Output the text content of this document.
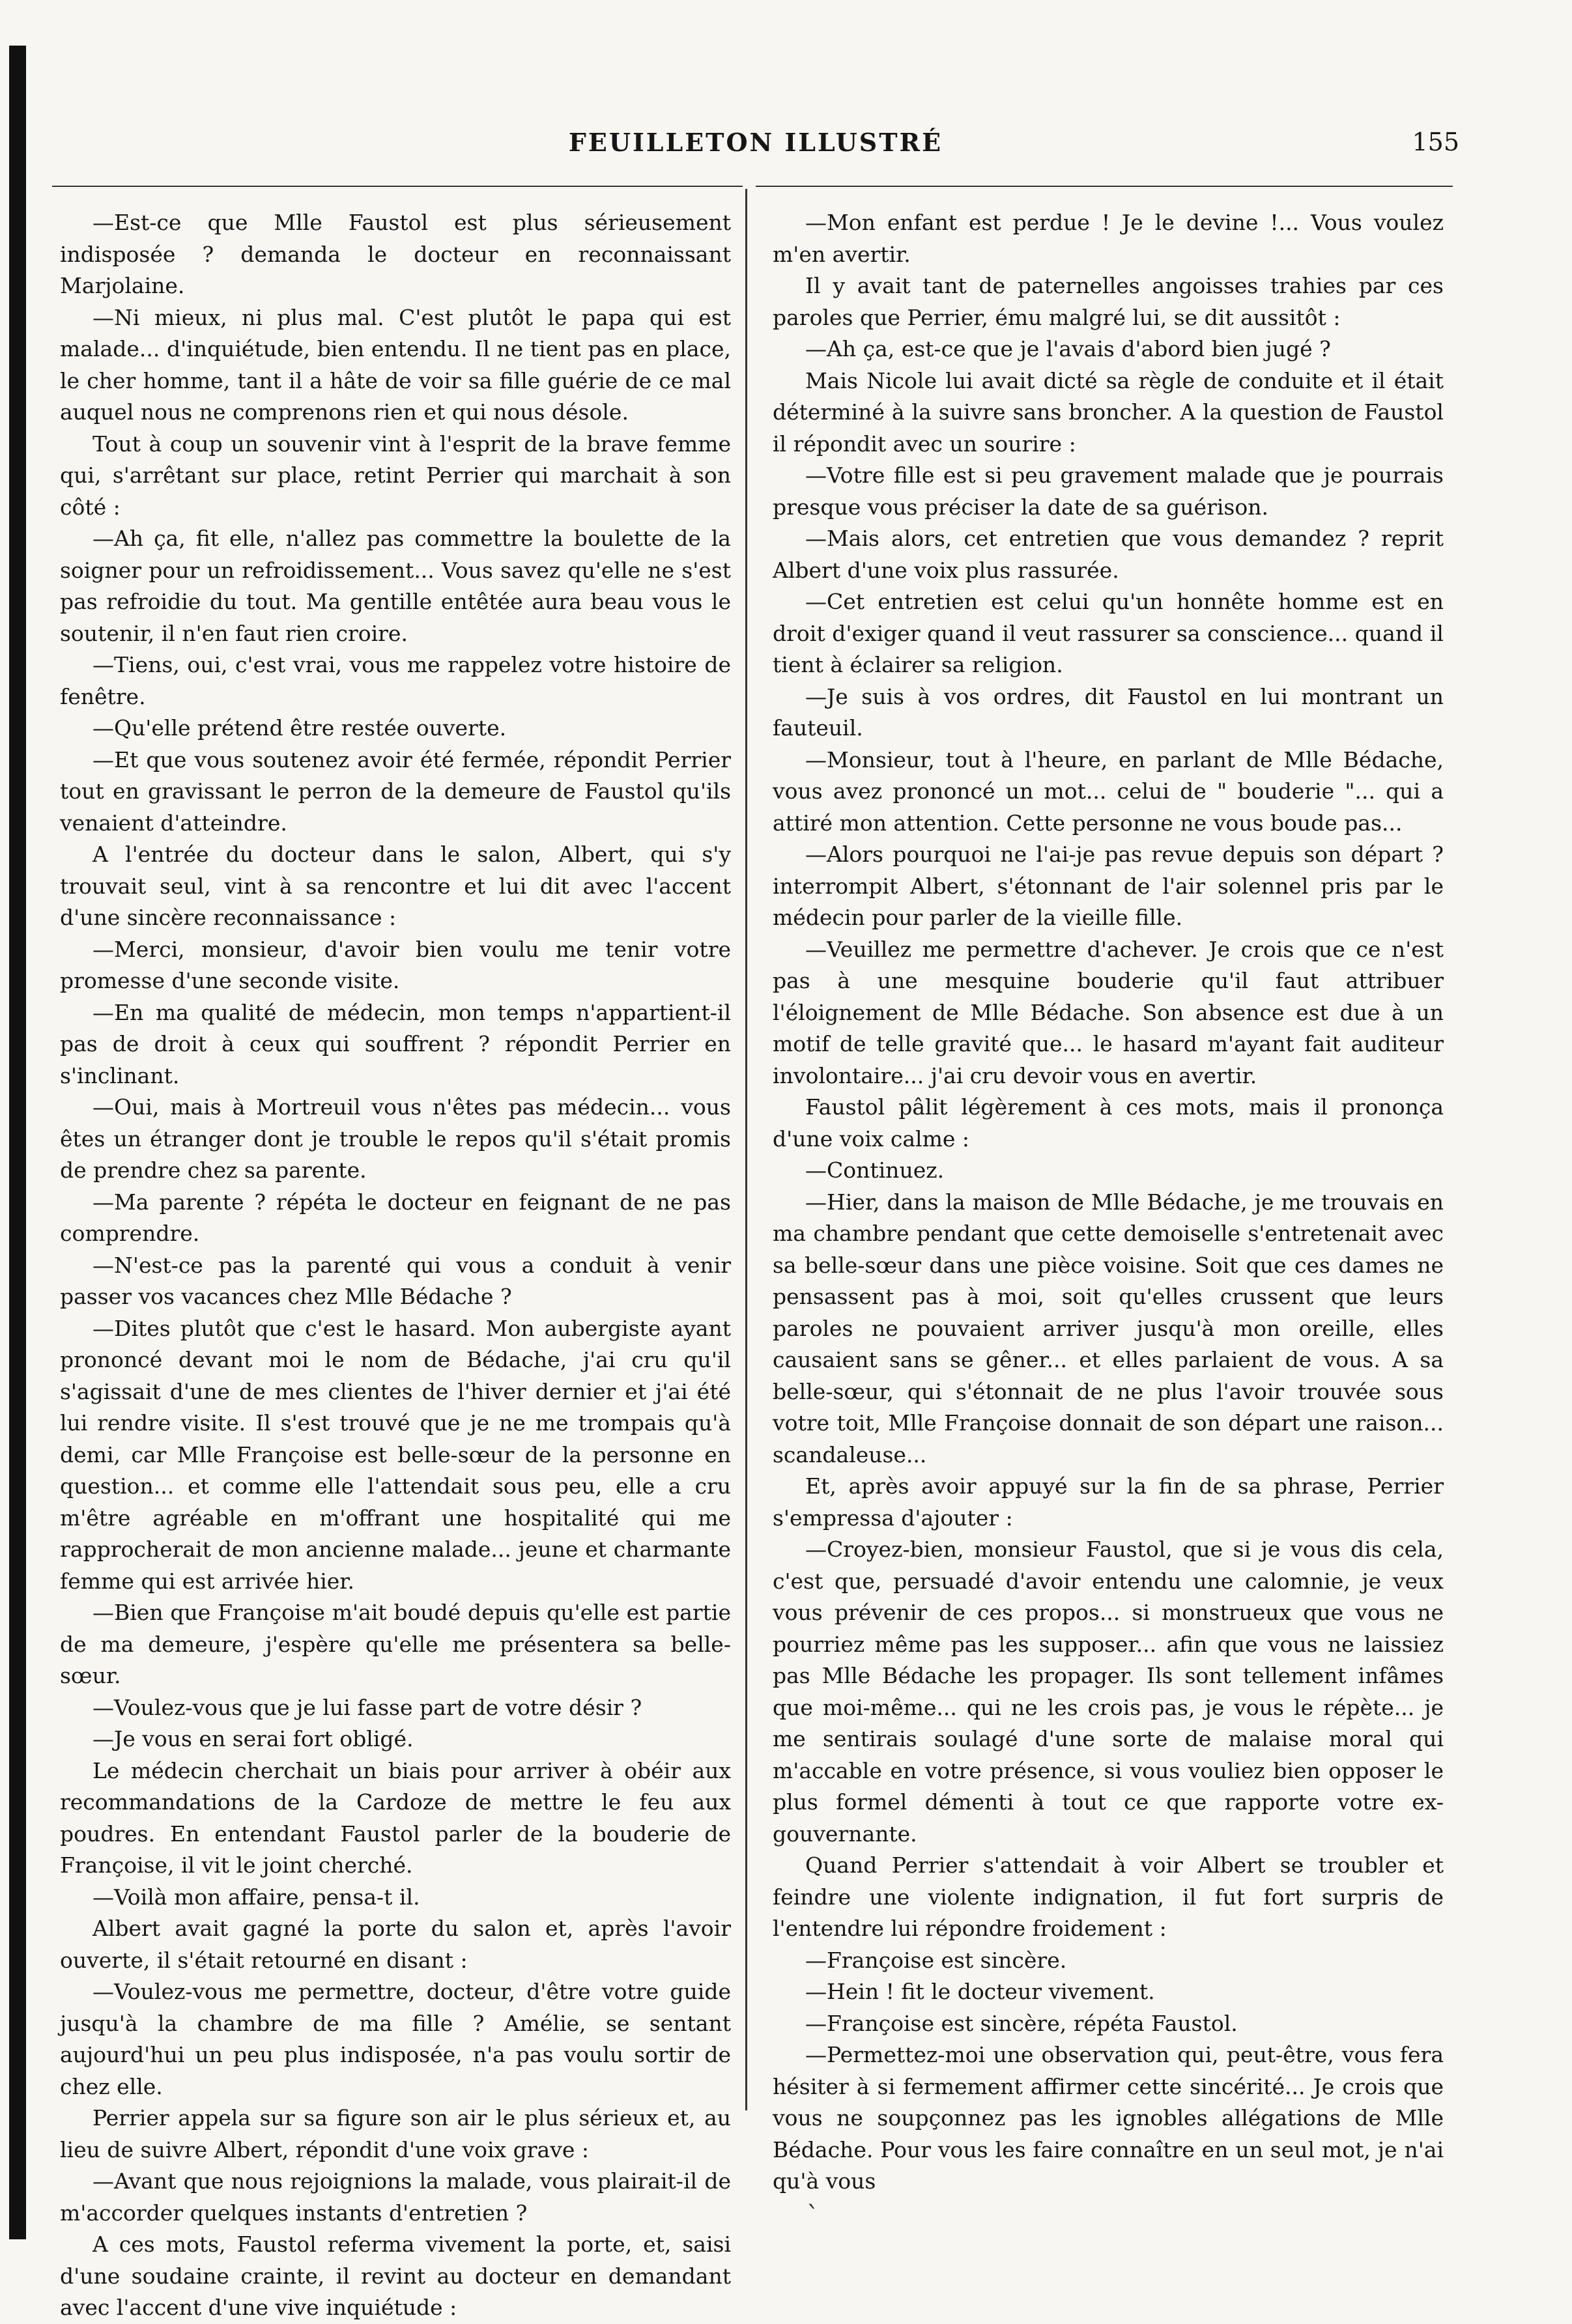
FEUILLETON ILLUSTRÉ	155

—Est-ce que Mlle Faustol est plus sérieusement indisposée ? demanda le docteur en reconnaissant Marjolaine.

—Ni mieux, ni plus mal. C'est plutôt le papa qui est malade... d'inquiétude, bien entendu. Il ne tient pas en place, le cher homme, tant il a hâte de voir sa fille guérie de ce mal auquel nous ne comprenons rien et qui nous désole.

Tout à coup un souvenir vint à l'esprit de la brave femme qui, s'arrêtant sur place, retint Perrier qui marchait à son côté :

—Ah ça, fit elle, n'allez pas commettre la boulette de la soigner pour un refroidissement... Vous savez qu'elle ne s'est pas refroidie du tout. Ma gentille entêtée aura beau vous le soutenir, il n'en faut rien croire.

—Tiens, oui, c'est vrai, vous me rappelez votre histoire de fenêtre.

—Qu'elle prétend être restée ouverte.

—Et que vous soutenez avoir été fermée, répondit Perrier tout en gravissant le perron de la demeure de Faustol qu'ils venaient d'atteindre.

A l'entrée du docteur dans le salon, Albert, qui s'y trouvait seul, vint à sa rencontre et lui dit avec l'accent d'une sincère reconnaissance :

—Merci, monsieur, d'avoir bien voulu me tenir votre promesse d'une seconde visite.

—En ma qualité de médecin, mon temps n'appartient-il pas de droit à ceux qui souffrent ? répondit Perrier en s'inclinant.

—Oui, mais à Mortreuil vous n'êtes pas médecin... vous êtes un étranger dont je trouble le repos qu'il s'était promis de prendre chez sa parente.

—Ma parente ? répéta le docteur en feignant de ne pas comprendre.

—N'est-ce pas la parenté qui vous a conduit à venir passer vos vacances chez Mlle Bédache ?

—Dites plutôt que c'est le hasard. Mon aubergiste ayant prononcé devant moi le nom de Bédache, j'ai cru qu'il s'agissait d'une de mes clientes de l'hiver dernier et j'ai été lui rendre visite. Il s'est trouvé que je ne me trompais qu'à demi, car Mlle Françoise est belle-sœur de la personne en question... et comme elle l'attendait sous peu, elle a cru m'être agréable en m'offrant une hospitalité qui me rapprocherait de mon ancienne malade... jeune et charmante femme qui est arrivée hier.

—Bien que Françoise m'ait boudé depuis qu'elle est partie de ma demeure, j'espère qu'elle me présentera sa belle-sœur.

—Voulez-vous que je lui fasse part de votre désir ?

—Je vous en serai fort obligé.

Le médecin cherchait un biais pour arriver à obéir aux recommandations de la Cardoze de mettre le feu aux poudres. En entendant Faustol parler de la bouderie de Françoise, il vit le joint cherché.

—Voilà mon affaire, pensa-t il.

Albert avait gagné la porte du salon et, après l'avoir ouverte, il s'était retourné en disant :

—Voulez-vous me permettre, docteur, d'être votre guide jusqu'à la chambre de ma fille ? Amélie, se sentant aujourd'hui un peu plus indisposée, n'a pas voulu sortir de chez elle.

Perrier appela sur sa figure son air le plus sérieux et, au lieu de suivre Albert, répondit d'une voix grave :

—Avant que nous rejoignions la malade, vous plairait-il de m'accorder quelques instants d'entretien ?

A ces mots, Faustol referma vivement la porte, et, saisi d'une soudaine crainte, il revint au docteur en demandant avec l'accent d'une vive inquiétude :

—Mon enfant est perdue ! Je le devine !... Vous voulez m'en avertir.

Il y avait tant de paternelles angoisses trahies par ces paroles que Perrier, ému malgré lui, se dit aussitôt :

—Ah ça, est-ce que je l'avais d'abord bien jugé ?

Mais Nicole lui avait dicté sa règle de conduite et il était déterminé à la suivre sans broncher. A la question de Faustol il répondit avec un sourire :

—Votre fille est si peu gravement malade que je pourrais presque vous préciser la date de sa guérison.

—Mais alors, cet entretien que vous demandez ? reprit Albert d'une voix plus rassurée.

—Cet entretien est celui qu'un honnête homme est en droit d'exiger quand il veut rassurer sa conscience... quand il tient à éclairer sa religion.

—Je suis à vos ordres, dit Faustol en lui montrant un fauteuil.

—Monsieur, tout à l'heure, en parlant de Mlle Bédache, vous avez prononcé un mot... celui de " bouderie "... qui a attiré mon attention. Cette personne ne vous boude pas...

—Alors pourquoi ne l'ai-je pas revue depuis son départ ? interrompit Albert, s'étonnant de l'air solennel pris par le médecin pour parler de la vieille fille.

—Veuillez me permettre d'achever. Je crois que ce n'est pas à une mesquine bouderie qu'il faut attribuer l'éloignement de Mlle Bédache. Son absence est due à un motif de telle gravité que... le hasard m'ayant fait auditeur involontaire... j'ai cru devoir vous en avertir.

Faustol pâlit légèrement à ces mots, mais il prononça d'une voix calme :

—Continuez.

—Hier, dans la maison de Mlle Bédache, je me trouvais en ma chambre pendant que cette demoiselle s'entretenait avec sa belle-sœur dans une pièce voisine. Soit que ces dames ne pensassent pas à moi, soit qu'elles crussent que leurs paroles ne pouvaient arriver jusqu'à mon oreille, elles causaient sans se gêner... et elles parlaient de vous. A sa belle-sœur, qui s'étonnait de ne plus l'avoir trouvée sous votre toit, Mlle Françoise donnait de son départ une raison... scandaleuse...

Et, après avoir appuyé sur la fin de sa phrase, Perrier s'empressa d'ajouter :

—Croyez-bien, monsieur Faustol, que si je vous dis cela, c'est que, persuadé d'avoir entendu une calomnie, je veux vous prévenir de ces propos... si monstrueux que vous ne pourriez même pas les supposer... afin que vous ne laissiez pas Mlle Bédache les propager. Ils sont tellement infâmes que moi-même... qui ne les crois pas, je vous le répète... je me sentirais soulagé d'une sorte de malaise moral qui m'accable en votre présence, si vous vouliez bien opposer le plus formel démenti à tout ce que rapporte votre ex-gouvernante.

Quand Perrier s'attendait à voir Albert se troubler et feindre une violente indignation, il fut fort surpris de l'entendre lui répondre froidement :

—Françoise est sincère.

—Hein ! fit le docteur vivement.

—Françoise est sincère, répéta Faustol.

—Permettez-moi une observation qui, peut-être, vous fera hésiter à si fermement affirmer cette sincérité... Je crois que vous ne soupçonnez pas les ignobles allégations de Mlle Bédache. Pour vous les faire connaître en un seul mot, je n'ai qu'à vous

`
